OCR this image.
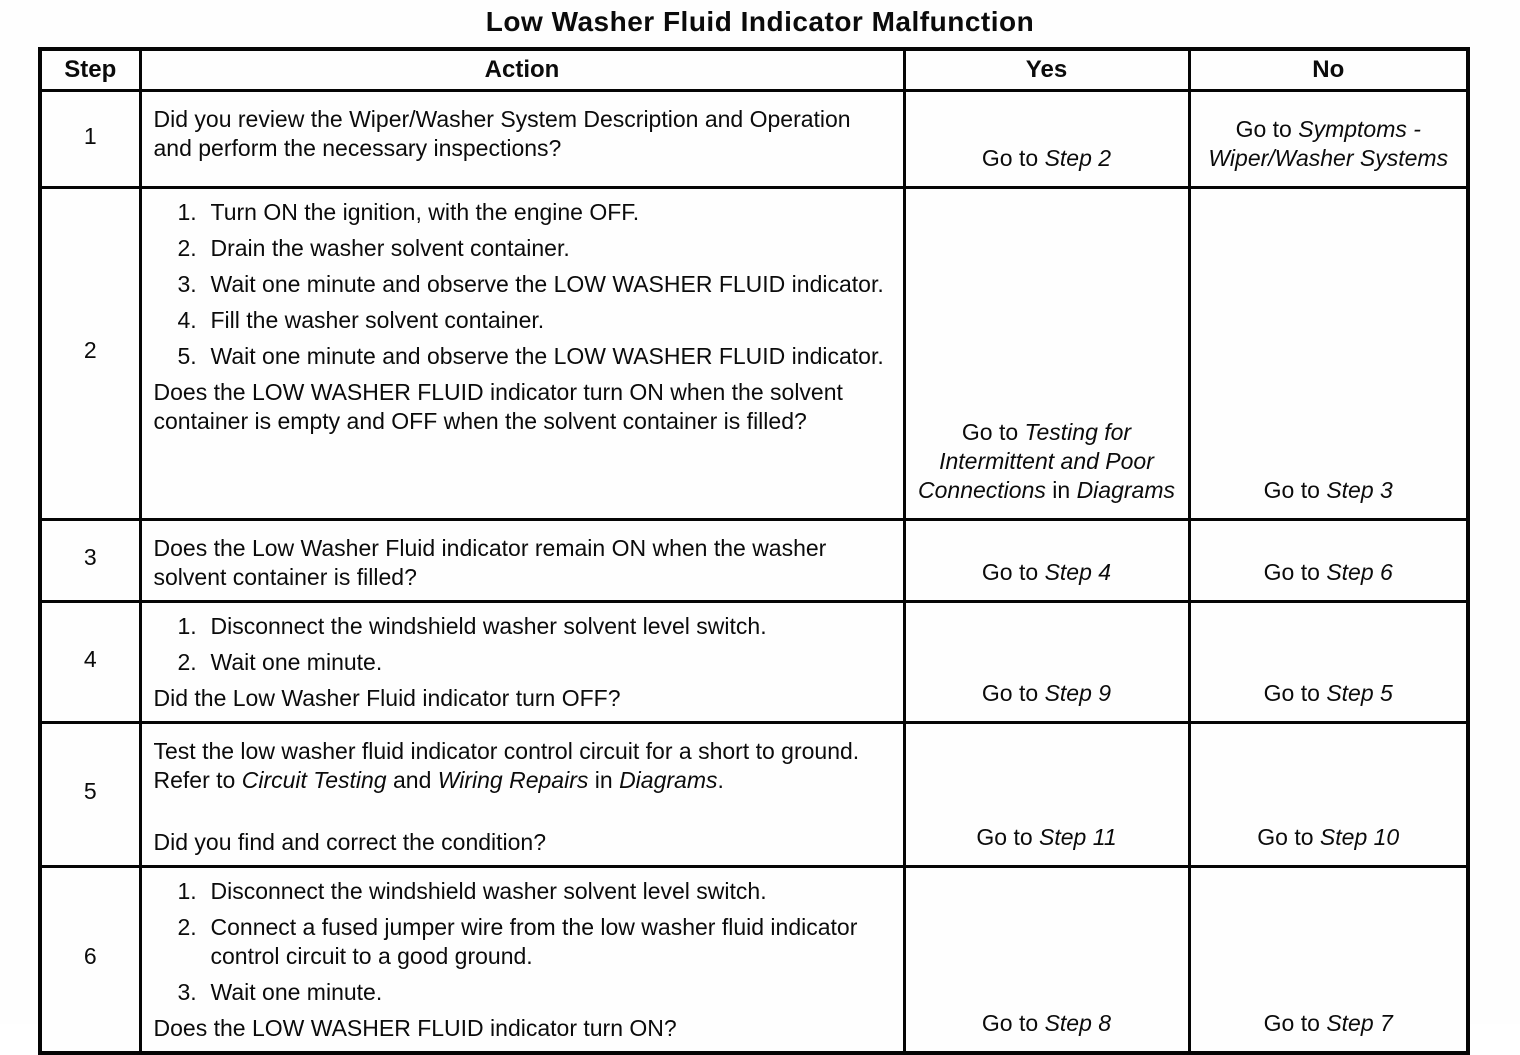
Low Washer Fluid Indicator Malfunction
Step	Action	Yes	No
1	Did you review the Wiper/Washer System Description and Operation and perform the necessary inspections?	Go to Step 2	Go to Symptoms - Wiper/Washer Systems
2	
1. Turn ON the ignition, with the engine OFF.
2. Drain the washer solvent container.
3. Wait one minute and observe the LOW WASHER FLUID indicator.
4. Fill the washer solvent container.
5. Wait one minute and observe the LOW WASHER FLUID indicator.
Does the LOW WASHER FLUID indicator turn ON when the solvent container is empty and OFF when the solvent container is filled?	Go to Testing for Intermittent and Poor Connections in Diagrams	Go to Step 3
3	Does the Low Washer Fluid indicator remain ON when the washer solvent container is filled?	Go to Step 4	Go to Step 6
4	1. Disconnect the windshield washer solvent level switch.
2. Wait one minute.
Did the Low Washer Fluid indicator turn OFF?	Go to Step 9	Go to Step 5
5	Test the low washer fluid indicator control circuit for a short to ground. Refer to Circuit Testing and Wiring Repairs in Diagrams.
Did you find and correct the condition?	Go to Step 11	Go to Step 10
6	
1. Disconnect the windshield washer solvent level switch.
2. Connect a fused jumper wire from the low washer fluid indicator control circuit to a good ground.
3. Wait one minute.
Does the LOW WASHER FLUID indicator turn ON?	Go to Step 8	Go to Step 7
